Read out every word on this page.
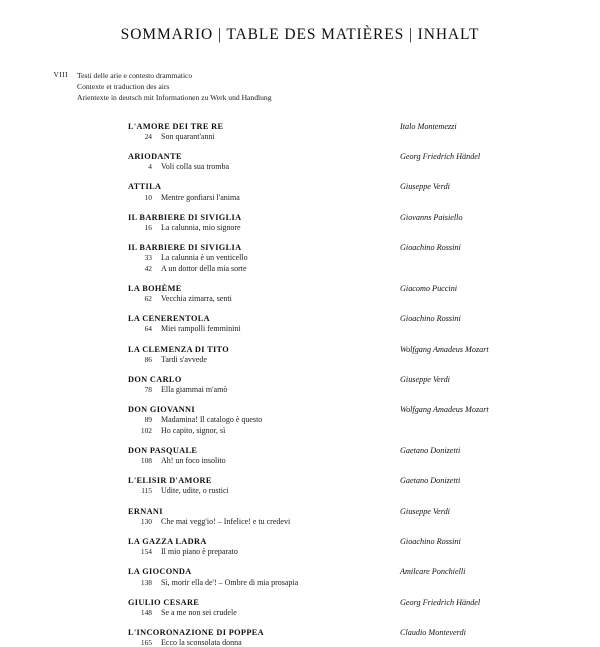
SOMMARIO | TABLE DES MATIÈRES | INHALT
VIII	Testi delle arie e contesto drammatico
Contexte et traduction des airs
Arientexte in deutsch mit Informationen zu Werk und Handlung
L'AMORE DEI TRE RE	Italo Montemezzi
24	Son quarant'anni
ARIODANTE	Georg Friedrich Händel
4	Voli colla sua tromba
ATTILA	Giuseppe Verdi
10	Mentre gonfiarsi l'anima
IL BARBIERE DI SIVIGLIA	Giovanns Paisiello
16	La calunnia, mio signore
IL BARBIERE DI SIVIGLIA	Gioachino Rossini
33	La calunnia è un venticello
42	A un dottor della mia sorte
LA BOHÈME	Giacomo Puccini
62	Vecchia zimarra, senti
LA CENERENTOLA	Gioachino Rossini
64	Miei rampolli femminini
LA CLEMENZA DI TITO	Wolfgang Amadeus Mozart
86	Tardi s'avvede
DON CARLO	Giuseppe Verdi
78	Ella giammai m'amò
DON GIOVANNI	Wolfgang Amadeus Mozart
89	Madamina! Il catalogo è questo
102	Ho capito, signor, sì
DON PASQUALE	Gaetano Donizetti
108	Ah! un foco insolito
L'ELISIR D'AMORE	Gaetano Donizetti
115	Udite, udite, o rustici
ERNANI	Giuseppe Verdi
130	Che mai vegg'io! – Infelice! e tu credevi
LA GAZZA LADRA	Gioachino Rossini
154	Il mio piano è preparato
LA GIOCONDA	Amilcare Ponchielli
138	Sì, morir ella de'! – Ombre di mia prosapia
GIULIO CESARE	Georg Friedrich Händel
148	Se a me non sei crudele
L'INCORONAZIONE DI POPPEA	Claudio Monteverdi
165	Ecco la sconsolata donna
